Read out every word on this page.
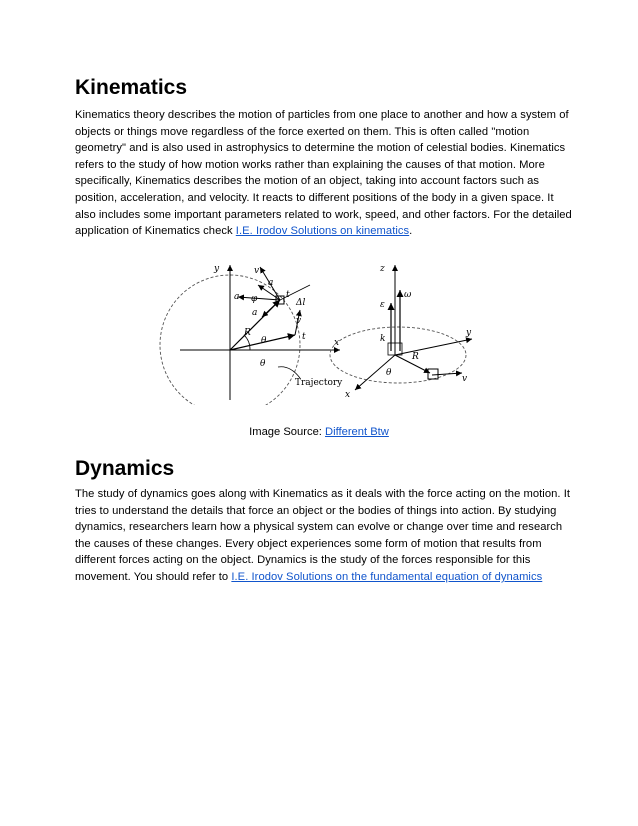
Kinematics

Kinematics theory describes the motion of particles from one place to another and how a system of objects or things move regardless of the force exerted on them. This is often called "motion geometry" and is also used in astrophysics to determine the motion of celestial bodies. Kinematics refers to the study of how motion works rather than explaining the causes of that motion. More specifically, Kinematics describes the motion of an object, taking into account factors such as position, acceleration, and velocity. It reacts to different positions of the body in a given space. It also includes some important parameters related to work, speed, and other factors. For the detailed application of Kinematics check I.E. Irodov Solutions on kinematics.

y
x
v
a
a φ
a
t
Δl
v
t
R
θ
θ
Trajectory
z
y
x
ω
ε
k
R
θ
v
Image Source: Different Btw
Dynamics

The study of dynamics goes along with Kinematics as it deals with the force acting on the motion. It tries to understand the details that force an object or the bodies of things into action. By studying dynamics, researchers learn how a physical system can evolve or change over time and research the causes of these changes. Every object experiences some form of motion that results from different forces acting on the object. Dynamics is the study of the forces responsible for this movement. You should refer to I.E. Irodov Solutions on the fundamental equation of dynamics
